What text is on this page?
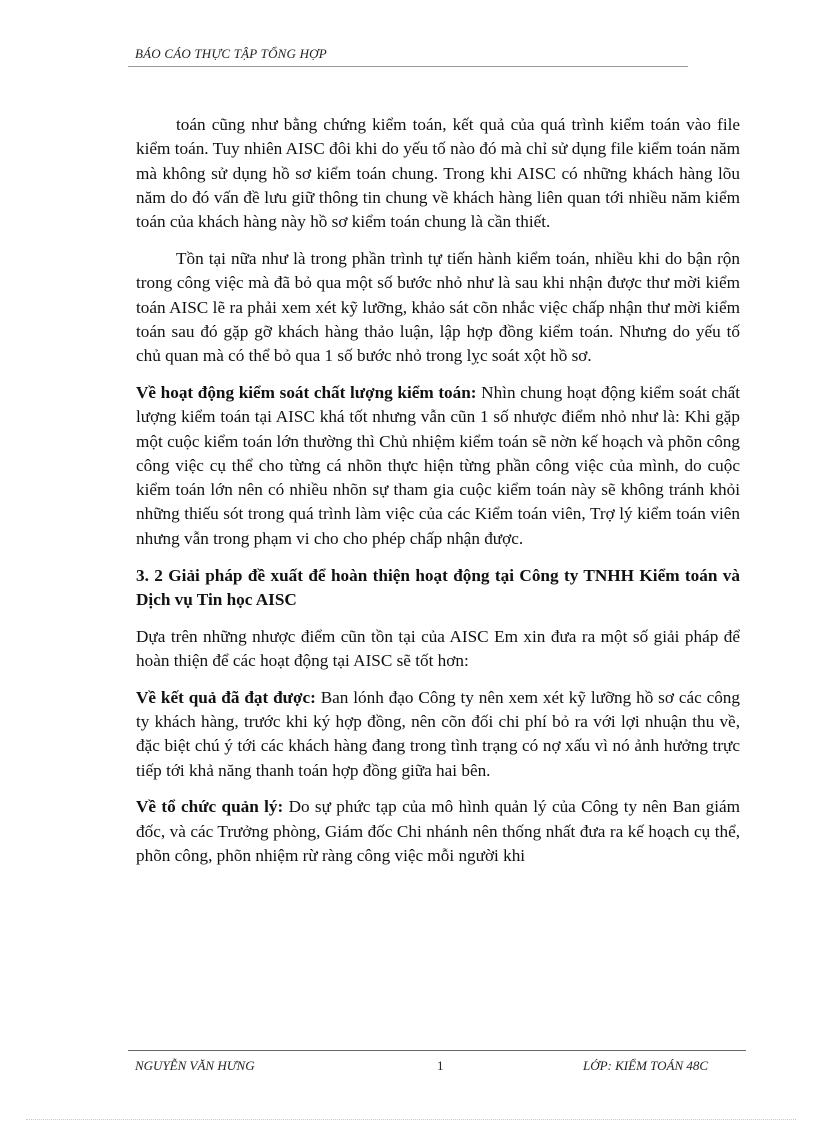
BÁO CÁO THỰC TẬP TỔNG HỢP

toán cũng như bằng chứng kiểm toán, kết quả của quá trình kiểm toán vào file kiểm toán. Tuy nhiên AISC đôi khi do yếu tố nào đó mà chỉ sử dụng file kiểm toán năm mà không sử dụng hồ sơ kiểm toán chung. Trong khi AISC có những khách hàng lõu năm do đó vấn đề lưu giữ thông tin chung về khách hàng liên quan tới nhiều năm kiểm toán của khách hàng này hồ sơ kiểm toán chung là cần thiết.

Tồn tại nữa như là trong phần trình tự tiến hành kiểm toán, nhiều khi do bận rộn trong công việc mà đã bỏ qua một số bước nhỏ như là sau khi nhận được thư mời kiểm toán AISC lẽ ra phải xem xét kỹ lưỡng, khảo sát cõn nhắc việc chấp nhận thư mời kiểm toán sau đó gặp gỡ khách hàng thảo luận, lập hợp đồng kiểm toán. Nhưng do yếu tố chủ quan mà có thể bỏ qua 1 số bước nhỏ trong lỵc soát xột hồ sơ.

Về hoạt động kiểm soát chất lượng kiểm toán: Nhìn chung hoạt động kiểm soát chất lượng kiểm toán tại AISC khá tốt nhưng vẫn cũn 1 số nhược điểm nhỏ như là: Khi gặp một cuộc kiểm toán lớn thường thì Chủ nhiệm kiểm toán sẽ nờn kế hoạch và phõn công công việc cụ thể cho từng cá nhõn thực hiện từng phần công việc của mình, do cuộc kiểm toán lớn nên có nhiều nhõn sự tham gia cuộc kiểm toán này sẽ không tránh khỏi những thiếu sót trong quá trình làm việc của các Kiểm toán viên, Trợ lý kiểm toán viên nhưng vẫn trong phạm vi cho cho phép chấp nhận được.

3. 2 Giải pháp đề xuất để hoàn thiện hoạt động tại Công ty TNHH Kiểm toán và Dịch vụ Tin học AISC

Dựa trên những nhược điểm cũn tồn tại của AISC Em xin đưa ra một số giải pháp để hoàn thiện để các hoạt động tại AISC sẽ tốt hơn:

Về kết quả đã đạt được: Ban lónh đạo Công ty nên xem xét kỹ lưỡng hồ sơ các công ty khách hàng, trước khi ký hợp đồng, nên cõn đối chi phí bỏ ra với lợi nhuận thu về, đặc biệt chú ý tới các khách hàng đang trong tình trạng có nợ xấu vì nó ảnh hưởng trực tiếp tới khả năng thanh toán hợp đồng giữa hai bên.

Về tổ chức quản lý: Do sự phức tạp của mô hình quản lý của Công ty nên Ban giám đốc, và các Trưởng phòng, Giám đốc Chi nhánh nên thống nhất đưa ra kế hoạch cụ thể, phõn công, phõn nhiệm rừ ràng công việc mỗi người khi

NGUYỄN VĂN HƯNG	1	LỚP: KIỂM TOÁN 48C
